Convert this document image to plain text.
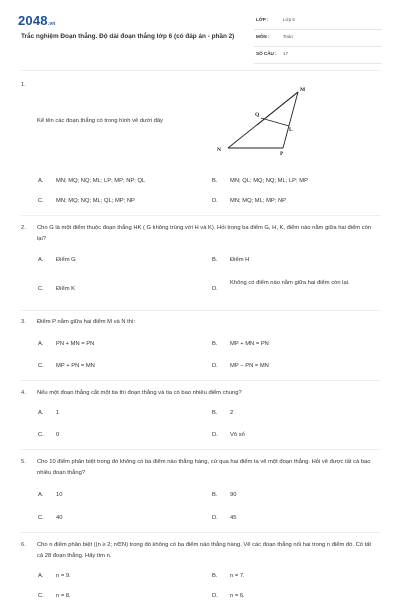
2048.vn
Trắc nghiệm Đoạn thẳng. Độ dài đoạn thẳng lớp 6 (có đáp án - phần 2)
LỚP :	Lớp 6
MÔN :	Toán
SỐ CÂU : 17
1.
Kể tên các đoạn thẳng có trong hình vẽ dưới đây
M
Q
L
N
P
A. MN; MQ; NQ; ML; LP; MP; NP; QL	B. MN; QL; MQ; NQ; ML; LP; MP
C. MN; MQ; NQ; ML; QL; MP; NP	D. MN; MQ; ML; MP; NP
2.	Cho G là một điểm thuộc đoạn thẳng HK ( G không trùng với H và K). Hỏi trong ba điểm G, H, K, điểm nào nằm giữa hai điểm còn lại?
A. Điểm G	B. Điểm H
C. Điểm K	D.
Không có điểm nào nằm giữa hai điểm còn lại.
3.	Điểm P nằm giữa hai điểm M và N thì:
A. PN + MN = PN	B. MP + MN = PN
C. MP + PN = MN	D. MP − PN = MN
4.	Nếu một đoạn thẳng cắt một tia thì đoạn thẳng và tia có bao nhiêu điểm chung?
A. 1	B. 2
C. 0	D. Vô số
5.	Cho 10 điểm phân biệt trong đó không có ba điểm nào thẳng hàng, cứ qua hai điểm ta vẽ một đoạn thẳng. Hỏi vẽ được tất cả bao nhiêu đoạn thẳng?
A. 10	B. 90
C. 40	D. 45
6.	Cho n điểm phân biệt ((n ≥ 2; n∈N) trong đó không có ba điểm nào thẳng hàng. Vẽ các đoạn thẳng nối hai trong n điểm đó. Có tất cả 28 đoạn thẳng. Hãy tìm n.
A. n = 9.	B. n = 7.
C. n = 8.	D. n = 6.
